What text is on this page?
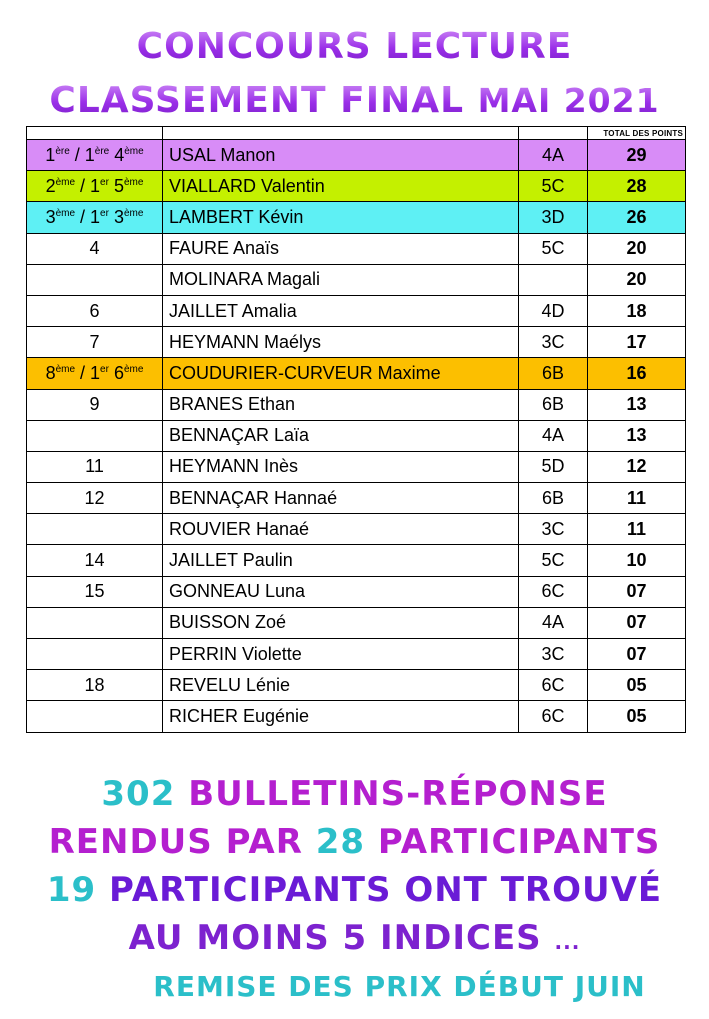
CONCOURS LECTURE
CLASSEMENT FINAL MAI 2021
			TOTAL DES POINTS
1ère / 1ère 4ème	USAL Manon	4A	29
2ème / 1er 5ème	VIALLARD Valentin	5C	28
3ème / 1er 3ème	LAMBERT Kévin	3D	26
4	FAURE Anaïs	5C	20
	MOLINARA Magali		20
6	JAILLET Amalia	4D	18
7	HEYMANN Maélys	3C	17
8ème / 1er 6ème	COUDURIER-CURVEUR Maxime	6B	16
9	BRANES Ethan	6B	13
	BENNAÇAR Laïa	4A	13
11	HEYMANN Inès	5D	12
12	BENNAÇAR Hannaé	6B	11
	ROUVIER Hanaé	3C	11
14	JAILLET Paulin	5C	10
15	GONNEAU Luna	6C	07
	BUISSON Zoé	4A	07
	PERRIN Violette	3C	07
18	REVELU Lénie	6C	05
	RICHER Eugénie	6C	05
302 BULLETINS-RÉPONSE
RENDUS PAR 28 PARTICIPANTS
19 PARTICIPANTS ONT TROUVÉ
AU MOINS 5 INDICES ...
REMISE DES PRIX DÉBUT JUIN
